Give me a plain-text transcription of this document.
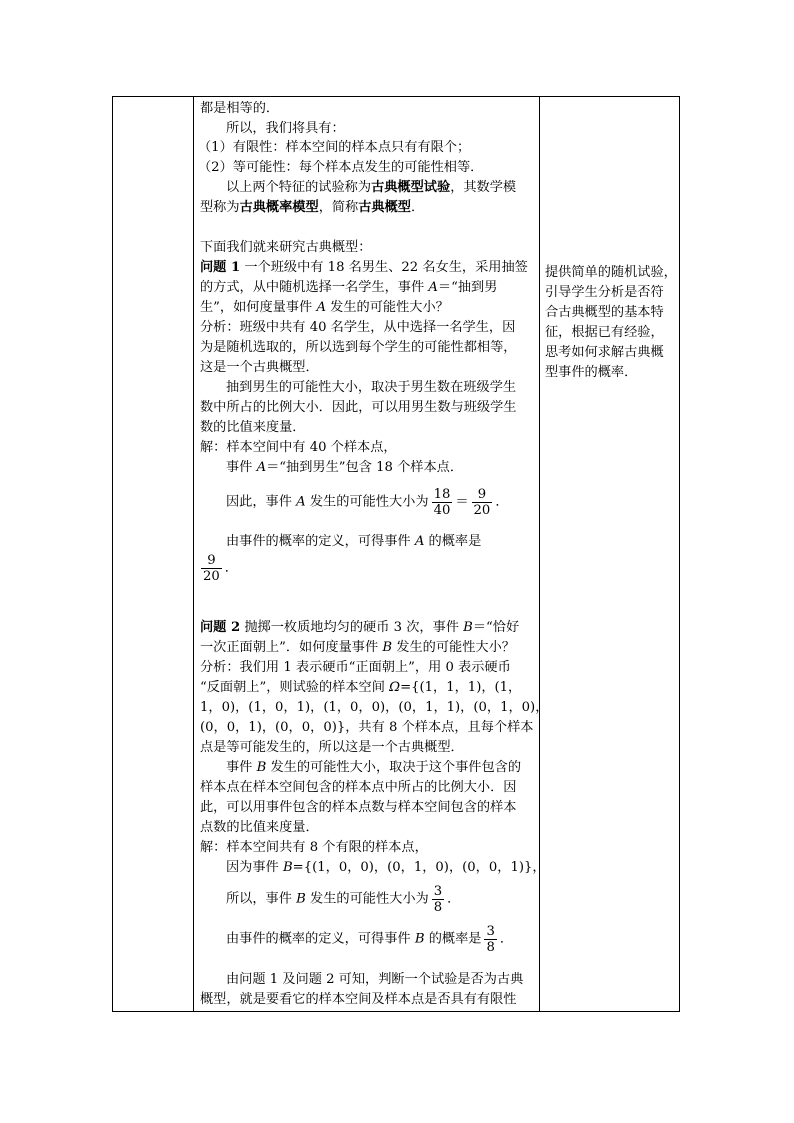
都是相等的．
所以，我们将具有：
（1）有限性：样本空间的样本点只有有限个；
（2）等可能性：每个样本点发生的可能性相等．
以上两个特征的试验称为古典概型试验，其数学模
型称为古典概率模型，简称古典概型．
下面我们就来研究古典概型：
问题 1 一个班级中有 18 名男生、22 名女生，采用抽签
的方式，从中随机选择一名学生，事件 A＝“抽到男
生”，如何度量事件 A 发生的可能性大小？
分析：班级中共有 40 名学生，从中选择一名学生，因
为是随机选取的，所以选到每个学生的可能性都相等，
这是一个古典概型．
抽到男生的可能性大小，取决于男生数在班级学生
数中所占的比例大小．因此，可以用男生数与班级学生
数的比值来度量．
解：样本空间中有 40 个样本点，
事件 A＝“抽到男生”包含 18 个样本点．
因此，事件 A 发生的可能性大小为 $\frac{18}{40} = \frac{9}{20}$ ．
由事件的概率的定义，可得事件 A 的概率是
$\frac{9}{20}$ ．
问题 2 抛掷一枚质地均匀的硬币 3 次，事件 B＝“恰好
一次正面朝上”．如何度量事件 B 发生的可能性大小？
分析：我们用 1 表示硬币“正面朝上”，用 0 表示硬币
“反面朝上”，则试验的样本空间 Ω={(1，1，1)，(1，
1，0)，(1，0，1)，(1，0，0)，(0，1，1)，(0，1，0)，
(0，0，1)，(0，0，0)}，共有 8 个样本点，且每个样本
点是等可能发生的，所以这是一个古典概型．
事件 B 发生的可能性大小，取决于这个事件包含的
样本点在样本空间包含的样本点中所占的比例大小．因
此，可以用事件包含的样本点数与样本空间包含的样本
点数的比值来度量．
解：样本空间共有 8 个有限的样本点，
因为事件 B={(1，0，0)，(0，1，0)，(0，0，1)}，
所以，事件 B 发生的可能性大小为 $\frac{3}{8}$ ．
由事件的概率的定义，可得事件 B 的概率是 $\frac{3}{8}$ ．
由问题 1 及问题 2 可知，判断一个试验是否为古典
概型，就是要看它的样本空间及样本点是否具有有限性
提供简单的随机试验，
引导学生分析是否符
合古典概型的基本特
征，根据已有经验，
思考如何求解古典概
型事件的概率．
